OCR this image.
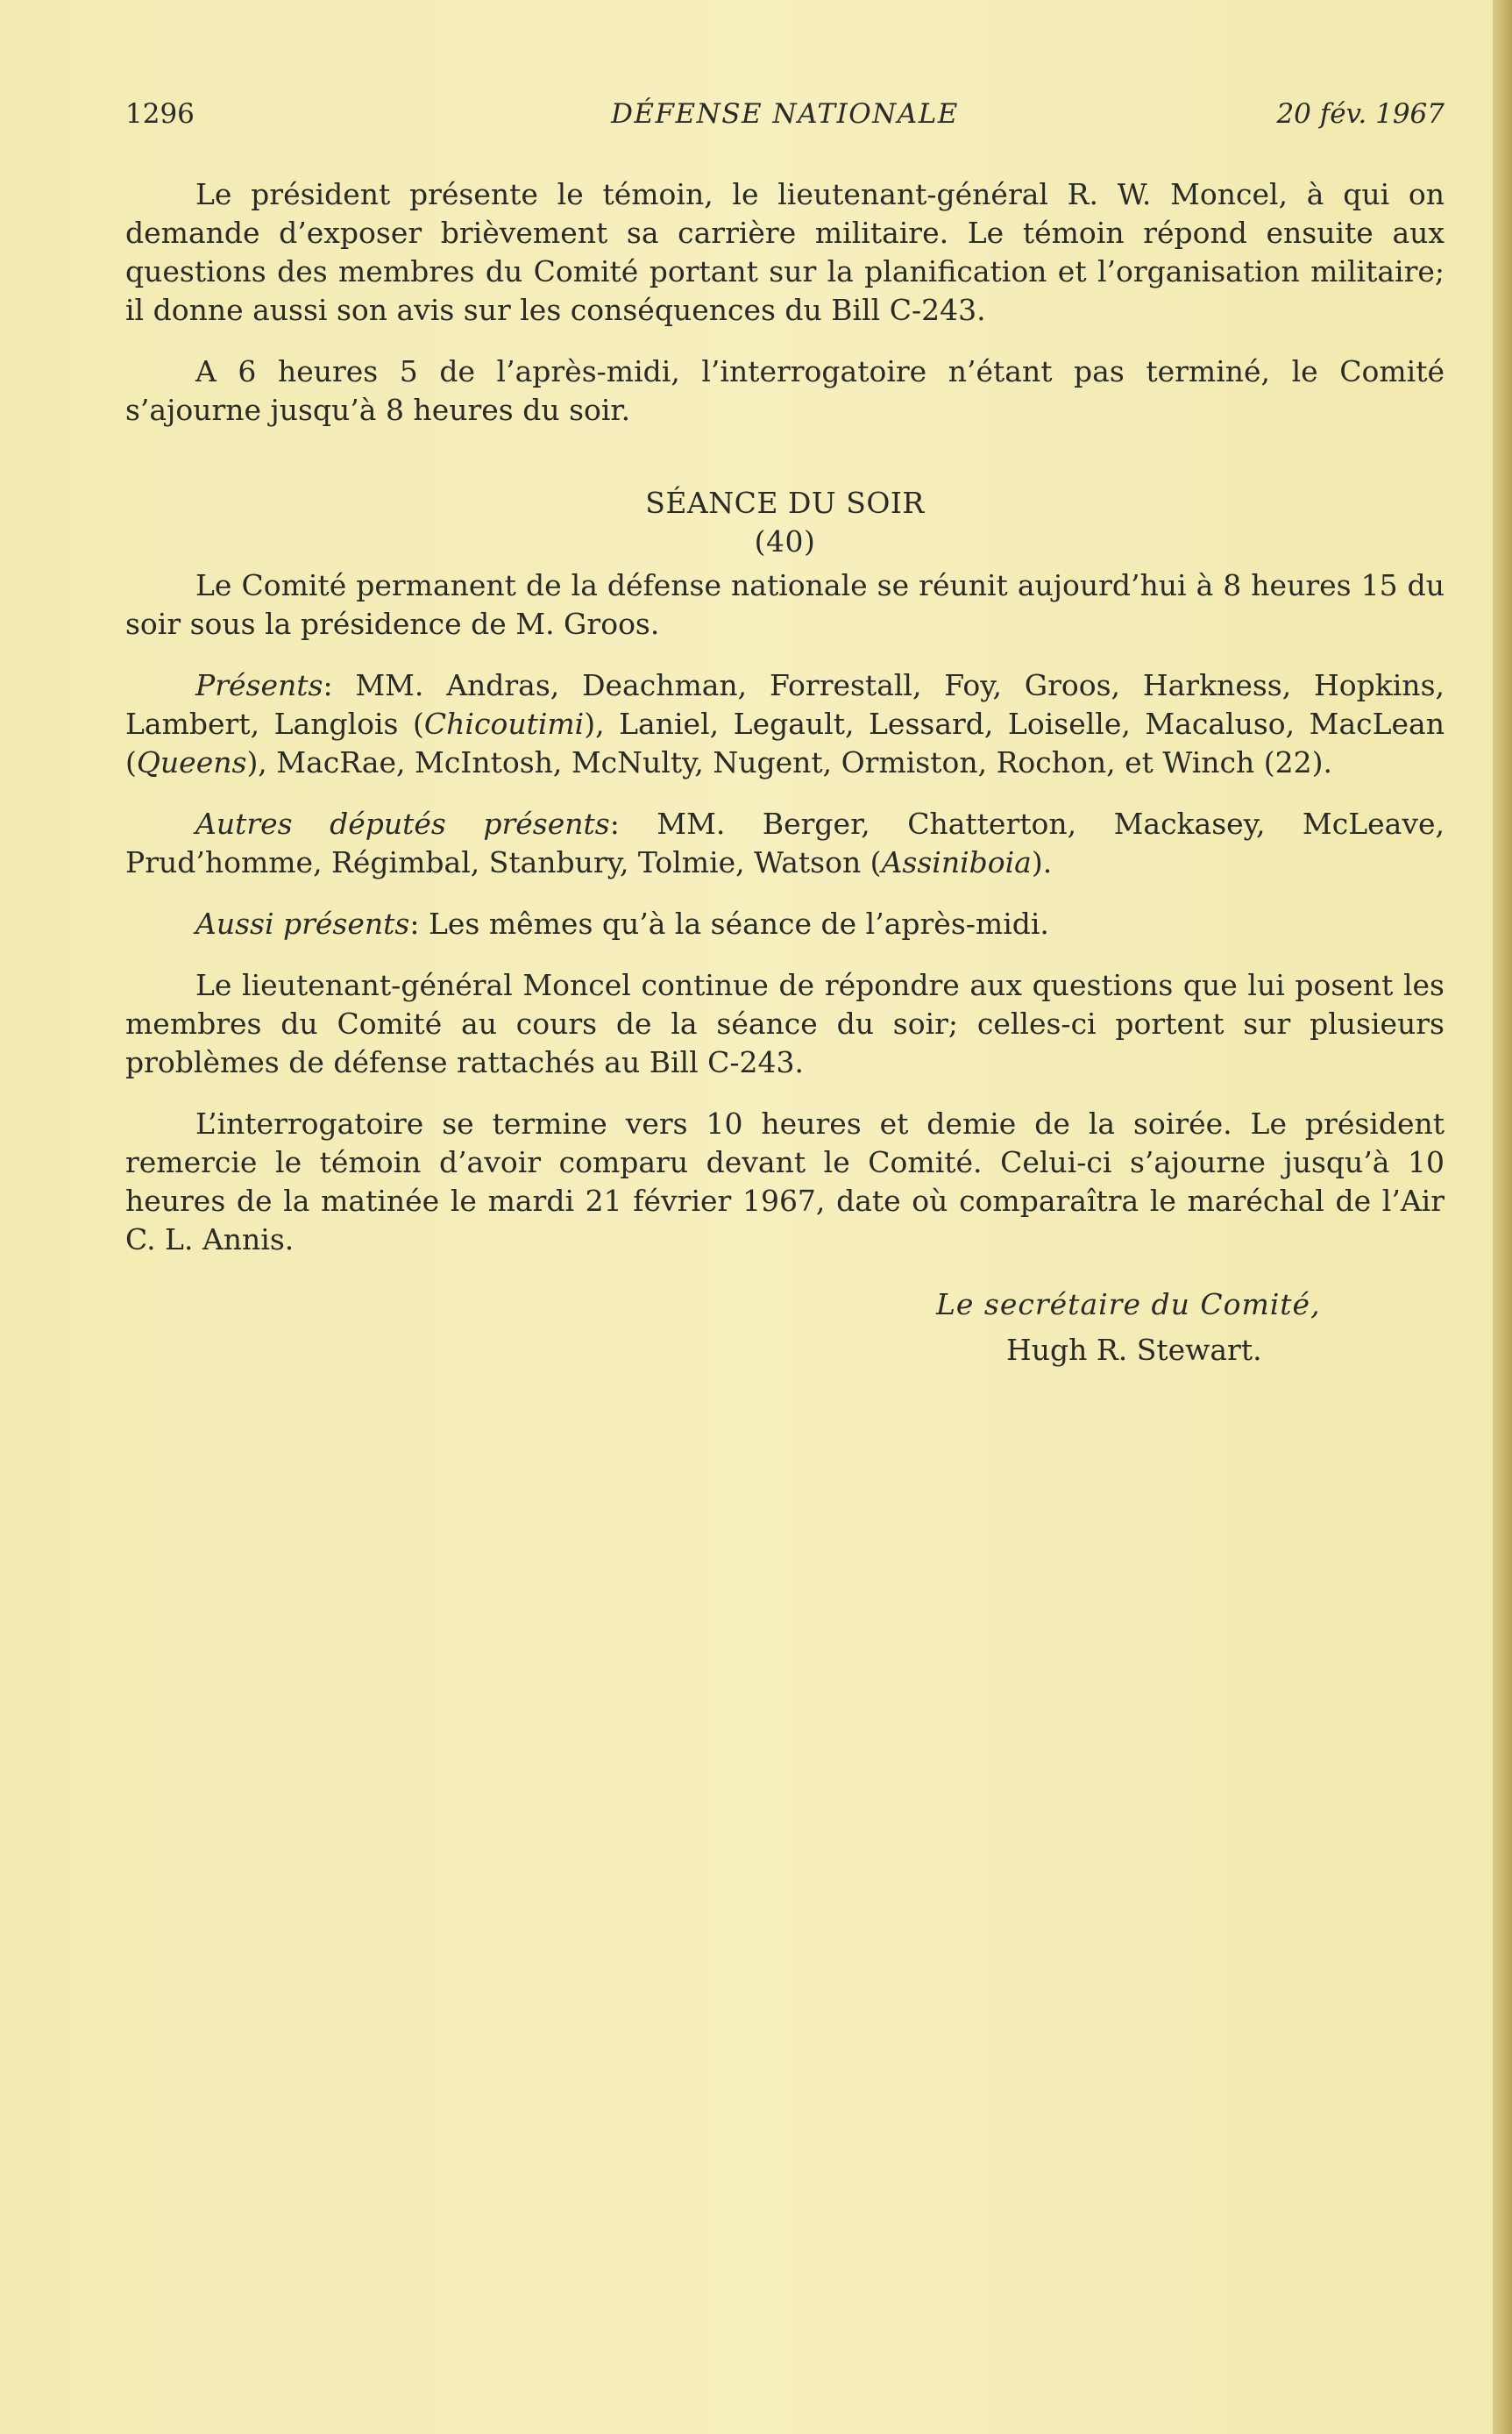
1296	DÉFENSE NATIONALE	20 fév. 1967

Le président présente le témoin, le lieutenant-général R. W. Moncel, à qui on demande d’exposer brièvement sa carrière militaire. Le témoin répond ensuite aux questions des membres du Comité portant sur la planification et l’organisation militaire; il donne aussi son avis sur les conséquences du Bill C-243.

A 6 heures 5 de l’après-midi, l’interrogatoire n’étant pas terminé, le Comité s’ajourne jusqu’à 8 heures du soir.

SÉANCE DU SOIR
(40)

Le Comité permanent de la défense nationale se réunit aujourd’hui à 8 heures 15 du soir sous la présidence de M. Groos.

Présents: MM. Andras, Deachman, Forrestall, Foy, Groos, Harkness, Hopkins, Lambert, Langlois (Chicoutimi), Laniel, Legault, Lessard, Loiselle, Macaluso, MacLean (Queens), MacRae, McIntosh, McNulty, Nugent, Ormiston, Rochon, et Winch (22).

Autres députés présents: MM. Berger, Chatterton, Mackasey, McLeave, Prud’homme, Régimbal, Stanbury, Tolmie, Watson (Assiniboia).

Aussi présents: Les mêmes qu’à la séance de l’après-midi.

Le lieutenant-général Moncel continue de répondre aux questions que lui posent les membres du Comité au cours de la séance du soir; celles-ci portent sur plusieurs problèmes de défense rattachés au Bill C-243.

L’interrogatoire se termine vers 10 heures et demie de la soirée. Le président remercie le témoin d’avoir comparu devant le Comité. Celui-ci s’ajourne jusqu’à 10 heures de la matinée le mardi 21 février 1967, date où comparaîtra le maréchal de l’Air C. L. Annis.

Le secrétaire du Comité,
Hugh R. Stewart.
